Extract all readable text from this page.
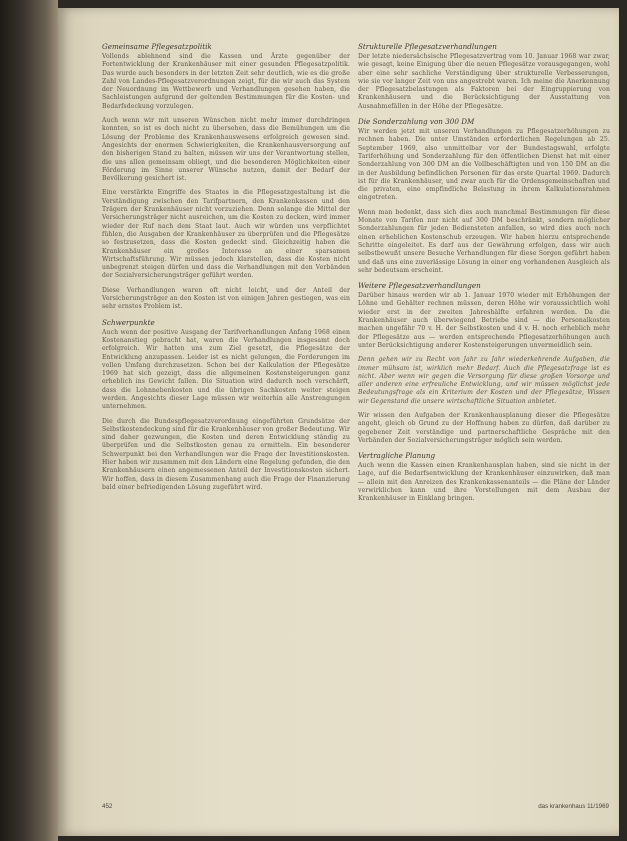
Gemeinsame Pflegesatzpolitik

Vollends ablehnend sind die Kassen und Ärzte gegenüber der Fortentwicklung der Krankenhäuser mit einer gesunden Pflegesatzpolitik. Das wurde auch besonders in der letzten Zeit sehr deutlich, wie es die große Zahl von Landes-Pflegesatzverordnungen zeigt, für die wir auch das System der Neuordnung im Wettbewerb und Verhandlungen gesehen haben, die Sachleistungen aufgrund der geltenden Bestimmungen für die Kosten- und Bedarfsdeckung vorzulegen.

Auch wenn wir mit unseren Wünschen nicht mehr immer durchdringen konnten, so ist es doch nicht zu übersehen, dass die Bemühungen um die Lösung der Probleme des Krankenhauswesens erfolgreich gewesen sind. Angesichts der enormen Schwierigkeiten, die Krankenhausversorgung auf den bisherigen Stand zu halten, müssen wir uns der Verantwortung stellen, die uns allen gemeinsam obliegt, und die besonderen Möglichkeiten einer Förderung im Sinne unserer Wünsche nutzen, damit der Bedarf der Bevölkerung gesichert ist.

Eine verstärkte Eingriffe des Staates in die Pflegesatzgestaltung ist die Verständigung zwischen den Tarifpartnern, den Krankenkassen und den Trägern der Krankenhäuser nicht vorzuziehen. Denn solange die Mittel der Versicherungsträger nicht ausreichen, um die Kosten zu decken, wird immer wieder der Ruf nach dem Staat laut. Auch wir würden uns verpflichtet fühlen, die Ausgaben der Krankenhäuser zu überprüfen und die Pflegesätze so festzusetzen, dass die Kosten gedeckt sind. Gleichzeitig haben die Krankenhäuser ein großes Interesse an einer sparsamen Wirtschaftsführung. Wir müssen jedoch klarstellen, dass die Kosten nicht unbegrenzt steigen dürfen und dass die Verhandlungen mit den Verbänden der Sozialversicherungsträger geführt werden.

Diese Verhandlungen waren oft nicht leicht, und der Anteil der Versicherungsträger an den Kosten ist von einigen Jahren gestiegen, was ein sehr ernstes Problem ist.

Schwerpunkte

Auch wenn der positive Ausgang der Tarifverhandlungen Anfang 1968 einen Kostenanstieg gebracht hat, waren die Verhandlungen insgesamt doch erfolgreich. Wir hatten uns zum Ziel gesetzt, die Pflegesätze der Entwicklung anzupassen. Leider ist es nicht gelungen, die Forderungen im vollen Umfang durchzusetzen. Schon bei der Kalkulation der Pflegesätze 1969 hat sich gezeigt, dass die allgemeinen Kostensteigerungen ganz erheblich ins Gewicht fallen. Die Situation wird dadurch noch verschärft, dass die Lohnnebenkosten und die übrigen Sachkosten weiter steigen werden. Angesichts dieser Lage müssen wir weiterhin alle Anstrengungen unternehmen.

Die durch die Bundespflegesatzverordnung eingeführten Grundsätze der Selbstkostendeckung sind für die Krankenhäuser von großer Bedeutung. Wir sind daher gezwungen, die Kosten und deren Entwicklung ständig zu überprüfen und die Selbstkosten genau zu ermitteln. Ein besonderer Schwerpunkt bei den Verhandlungen war die Frage der Investitionskosten. Hier haben wir zusammen mit den Ländern eine Regelung gefunden, die den Krankenhäusern einen angemessenen Anteil der Investitionskosten sichert. Wir hoffen, dass in diesem Zusammenhang auch die Frage der Finanzierung bald einer befriedigenden Lösung zugeführt wird.

Strukturelle Pflegesatzverhandlungen

Der letzte niedersächsische Pflegesatzvertrag vom 10. Januar 1968 war zwar, wie gesagt, keine Einigung über die neuen Pflegesätze vorausgegangen, wohl aber eine sehr sachliche Verständigung über strukturelle Verbesserungen, wie sie vor langer Zeit von uns angestrebt waren. Ich meine die Anerkennung der Pflegesatzbelastungen als Faktoren bei der Eingruppierung von Krankenhäusern und die Berücksichtigung der Ausstattung von Ausnahmefällen in der Höhe der Pflegesätze.

Die Sonderzahlung von 300 DM

Wir werden jetzt mit unseren Verhandlungen zu Pflegesatzerhöhungen zu rechnen haben. Die unter Umständen erforderlichen Regelungen ab 25. September 1969, also unmittelbar vor der Bundestagswahl, erfolgte Tariferhöhung und Sonderzahlung für den öffentlichen Dienst hat mit einer Sonderzahlung von 300 DM an die Vollbeschäftigten und von 150 DM an die in der Ausbildung befindlichen Personen für das erste Quartal 1969. Dadurch ist für die Krankenhäuser, und zwar auch für die Ordensgemeinschaften und die privaten, eine empfindliche Belastung in ihrem Kalkulationsrahmen eingetreten.

Wenn man bedenkt, dass sich dies auch manchmal Bestimmungen für diese Monate von Tarifen nur nicht auf 300 DM beschränkt, sondern möglicher Sonderzahlungen für jeden Bediensteten anfallen, so wird dies auch noch einen erheblichen Kostenschub erzeugen. Wir haben hierzu entsprechende Schritte eingeleitet. Es darf aus der Gewährung erfolgen, dass wir auch selbstbewußt unsere Besuche Verhandlungen für diese Sorgen geführt haben und daß uns eine zuverlässige Lösung in einer eng vorhandenen Ausgleich als sehr bedeutsam erscheint.

Weitere Pflegesatzverhandlungen

Darüber hinaus werden wir ab 1. Januar 1970 wieder mit Erhöhungen der Löhne und Gehälter rechnen müssen, deren Höhe wir voraussichtlich wohl wieder erst in der zweiten Jahreshälfte erfahren werden. Da die Krankenhäuser auch überwiegend Betriebe sind — die Personalkosten machen ungefähr 70 v. H. der Selbstkosten und 4 v. H. noch erheblich mehr der Pflegesätze aus — werden entsprechende Pflegesatzerhöhungen auch unter Berücksichtigung anderer Kostensteigerungen unvermeidlich sein.

Denn gehen wir zu Recht von Jahr zu Jahr wiederkehrende Aufgaben, die immer mühsam ist, wirklich mehr Bedarf. Auch die Pflegesatzfrage ist es nicht. Aber wenn wir gegen die Versorgung für diese großen Vorsorge und aller anderen eine erfreuliche Entwicklung, und wir müssen möglichst jede Bedeutungsfrage als ein Kriterium der Kosten und der Pflegesätze, Wissen wir Gegenstand die unsere wirtschaftliche Situation anbietet.

Wir wissen den Aufgaben der Krankenhausplanung dieser die Pflegesätze angeht, gleich ob Grund zu der Hoffnung haben zu dürfen, daß darüber zu gegebener Zeit verständige und partnerschaftliche Gespräche mit den Verbänden der Sozialversicherungsträger möglich sein werden.

Vertragliche Planung

Auch wenn die Kassen einen Krankenhausplan haben, sind sie nicht in der Lage, auf die Bedarfsentwicklung der Krankenhäuser einzuwirken, daß man — allein mit den Anreizen des Krankenkassenanteils — die Pläne der Länder verwirklichen kann und ihre Vorstellungen mit dem Ausbau der Krankenhäuser in Einklang bringen.

452	das krankenhaus 11/1969
